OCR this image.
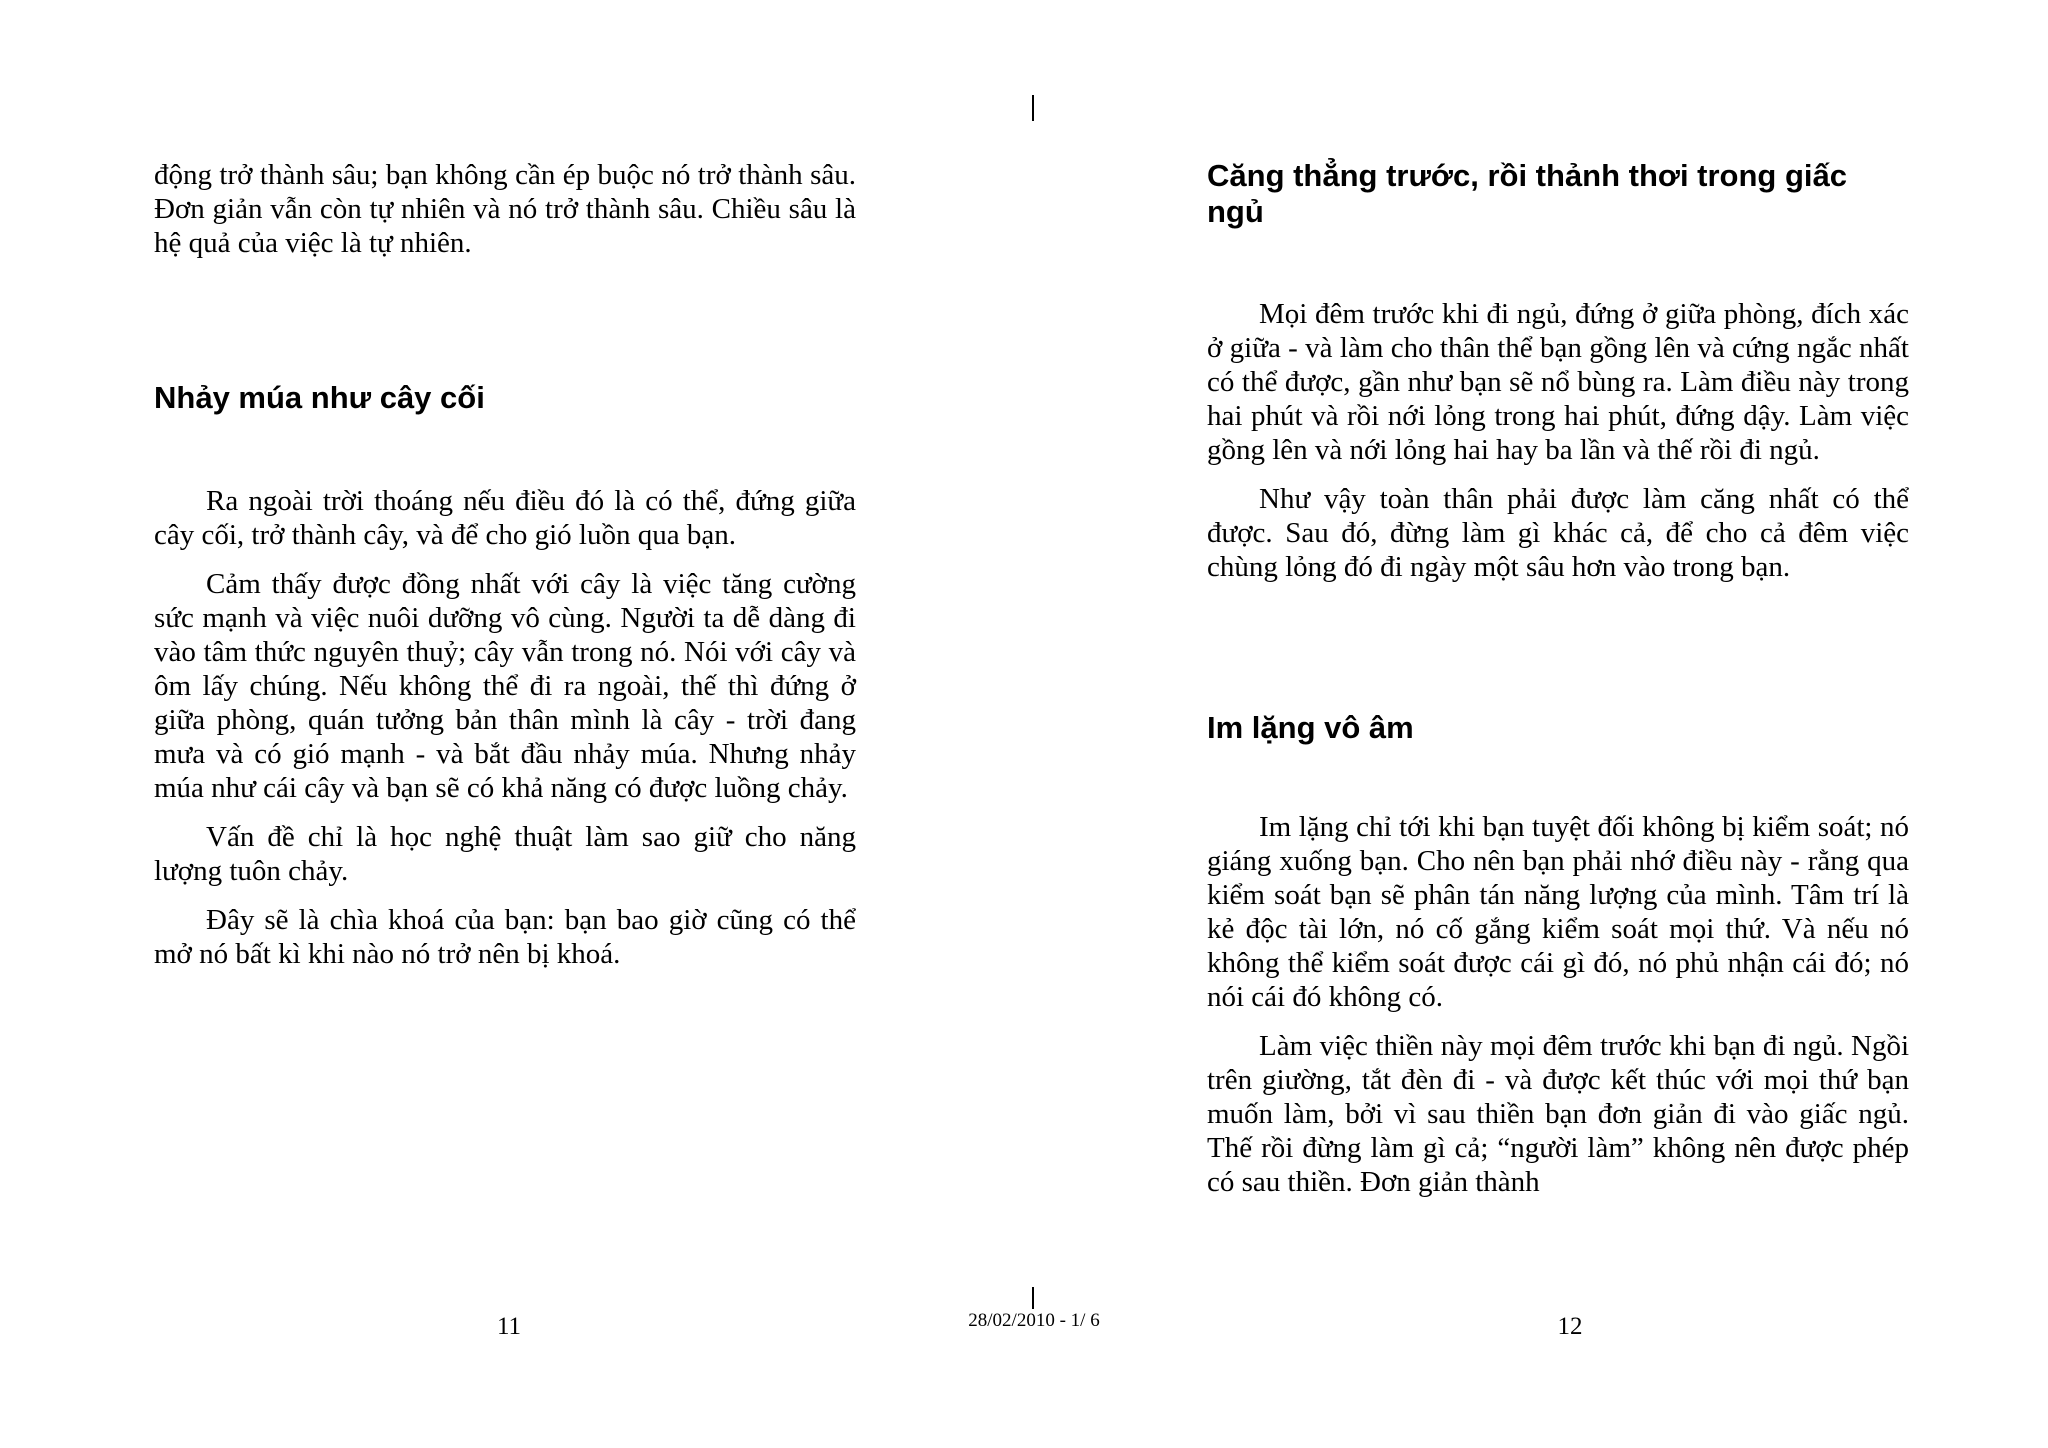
động trở thành sâu; bạn không cần ép buộc nó trở thành sâu. Đơn giản vẫn còn tự nhiên và nó trở thành sâu. Chiều sâu là hệ quả của việc là tự nhiên.

Nhảy múa như cây cối

Ra ngoài trời thoáng nếu điều đó là có thể, đứng giữa cây cối, trở thành cây, và để cho gió luồn qua bạn.

Cảm thấy được đồng nhất với cây là việc tăng cường sức mạnh và việc nuôi dưỡng vô cùng. Người ta dễ dàng đi vào tâm thức nguyên thuỷ; cây vẫn trong nó. Nói với cây và ôm lấy chúng. Nếu không thể đi ra ngoài, thế thì đứng ở giữa phòng, quán tưởng bản thân mình là cây - trời đang mưa và có gió mạnh - và bắt đầu nhảy múa. Nhưng nhảy múa như cái cây và bạn sẽ có khả năng có được luồng chảy.

Vấn đề chỉ là học nghệ thuật làm sao giữ cho năng lượng tuôn chảy.

Đây sẽ là chìa khoá của bạn: bạn bao giờ cũng có thể mở nó bất kì khi nào nó trở nên bị khoá.

Căng thẳng trước, rồi thảnh thơi trong giấc ngủ

Mọi đêm trước khi đi ngủ, đứng ở giữa phòng, đích xác ở giữa - và làm cho thân thể bạn gồng lên và cứng ngắc nhất có thể được, gần như bạn sẽ nổ bùng ra. Làm điều này trong hai phút và rồi nới lỏng trong hai phút, đứng dậy. Làm việc gồng lên và nới lỏng hai hay ba lần và thế rồi đi ngủ.

Như vậy toàn thân phải được làm căng nhất có thể được. Sau đó, đừng làm gì khác cả, để cho cả đêm việc chùng lỏng đó đi ngày một sâu hơn vào trong bạn.

Im lặng vô âm

Im lặng chỉ tới khi bạn tuyệt đối không bị kiểm soát; nó giáng xuống bạn. Cho nên bạn phải nhớ điều này - rằng qua kiểm soát bạn sẽ phân tán năng lượng của mình. Tâm trí là kẻ độc tài lớn, nó cố gắng kiểm soát mọi thứ. Và nếu nó không thể kiểm soát được cái gì đó, nó phủ nhận cái đó; nó nói cái đó không có.

Làm việc thiền này mọi đêm trước khi bạn đi ngủ. Ngồi trên giường, tắt đèn đi - và được kết thúc với mọi thứ bạn muốn làm, bởi vì sau thiền bạn đơn giản đi vào giấc ngủ. Thế rồi đừng làm gì cả; “người làm” không nên được phép có sau thiền. Đơn giản thành

11	28/02/2010 - 1/ 6	12
